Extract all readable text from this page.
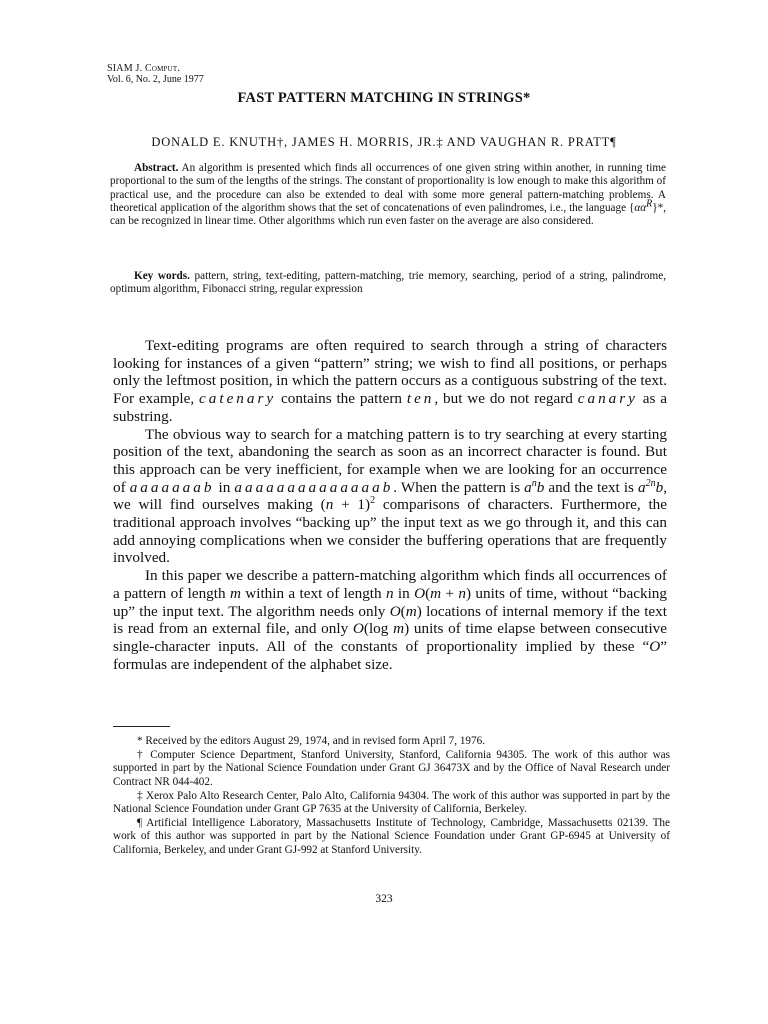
SIAM J. Comput.
Vol. 6, No. 2, June 1977
FAST PATTERN MATCHING IN STRINGS*
DONALD E. KNUTH†, JAMES H. MORRIS, JR.‡ AND VAUGHAN R. PRATT¶

Abstract. An algorithm is presented which finds all occurrences of one given string within another, in running time proportional to the sum of the lengths of the strings. The constant of proportionality is low enough to make this algorithm of practical use, and the procedure can also be extended to deal with some more general pattern-matching problems. A theoretical application of the algorithm shows that the set of concatenations of even palindromes, i.e., the language $\{\alpha\alpha^R\}*$, can be recognized in linear time. Other algorithms which run even faster on the average are also considered.

Key words. pattern, string, text-editing, pattern-matching, trie memory, searching, period of a string, palindrome, optimum algorithm, Fibonacci string, regular expression

Text-editing programs are often required to search through a string of characters looking for instances of a given “pattern” string; we wish to find all positions, or perhaps only the leftmost position, in which the pattern occurs as a contiguous substring of the text. For example, catenary contains the pattern ten, but we do not regard canary as a substring.

The obvious way to search for a matching pattern is to try searching at every starting position of the text, abandoning the search as soon as an incorrect character is found. But this approach can be very inefficient, for example when we are looking for an occurrence of aaaaaaab in aaaaaaaaaaaaaab. When the pattern is $a^nb$ and the text is $a^{2n}b$, we will find ourselves making $(n + 1)^2$ comparisons of characters. Furthermore, the traditional approach involves “backing up” the input text as we go through it, and this can add annoying complications when we consider the buffering operations that are frequently involved.

In this paper we describe a pattern-matching algorithm which finds all occurrences of a pattern of length m within a text of length n in O(m + n) units of time, without “backing up” the input text. The algorithm needs only O(m) locations of internal memory if the text is read from an external file, and only O(log m) units of time elapse between consecutive single-character inputs. All of the constants of proportionality implied by these “O” formulas are independent of the alphabet size.

* Received by the editors August 29, 1974, and in revised form April 7, 1976.

† Computer Science Department, Stanford University, Stanford, California 94305. The work of this author was supported in part by the National Science Foundation under Grant GJ 36473X and by the Office of Naval Research under Contract NR 044-402.

‡ Xerox Palo Alto Research Center, Palo Alto, California 94304. The work of this author was supported in part by the National Science Foundation under Grant GP 7635 at the University of California, Berkeley.

¶ Artificial Intelligence Laboratory, Massachusetts Institute of Technology, Cambridge, Massachusetts 02139. The work of this author was supported in part by the National Science Foundation under Grant GP-6945 at University of California, Berkeley, and under Grant GJ-992 at Stanford University.

323
